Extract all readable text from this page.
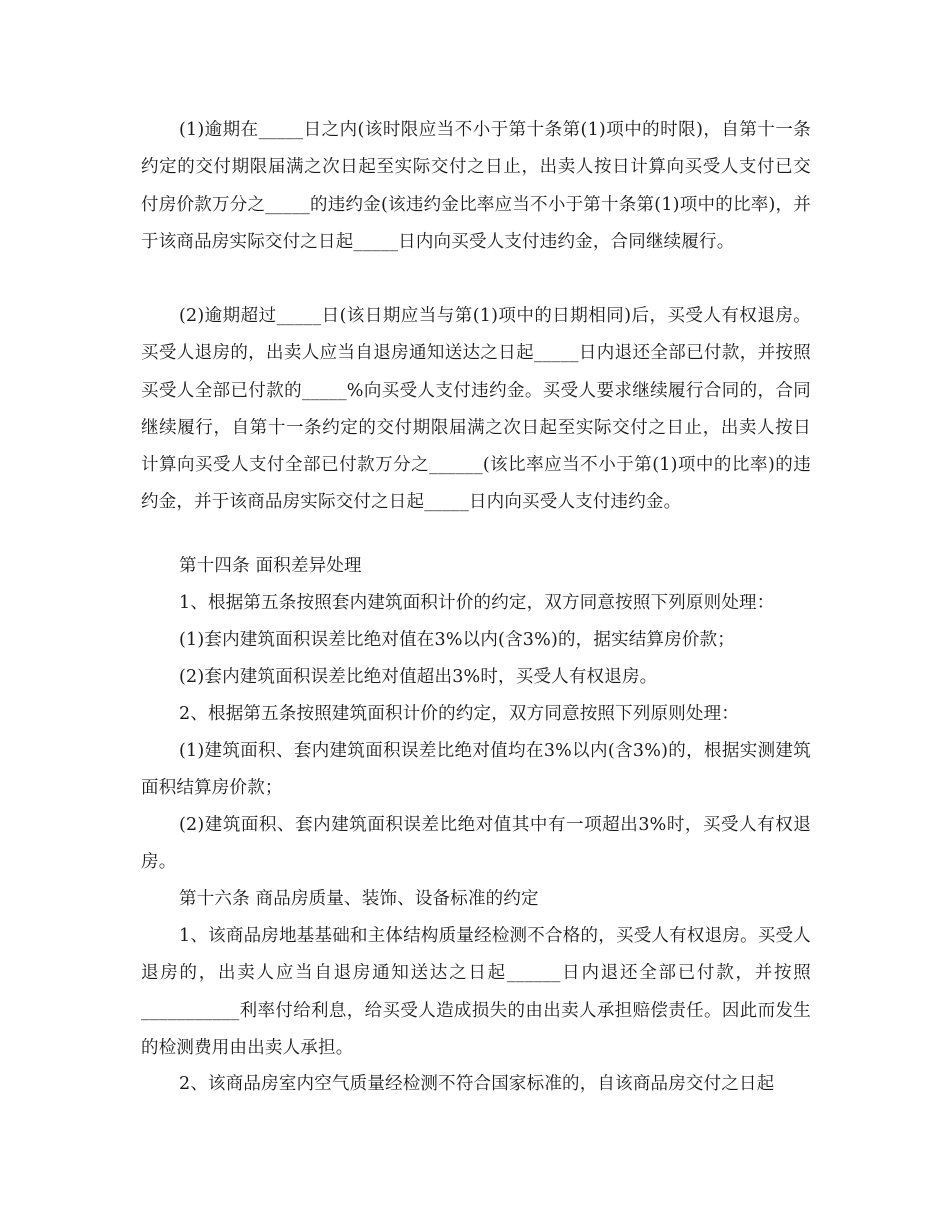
(1)逾期在_____日之内(该时限应当不小于第十条第(1)项中的时限)，自第十一条约定的交付期限届满之次日起至实际交付之日止，出卖人按日计算向买受人支付已交付房价款万分之_____的违约金(该违约金比率应当不小于第十条第(1)项中的比率)，并于该商品房实际交付之日起_____日内向买受人支付违约金，合同继续履行。

(2)逾期超过_____日(该日期应当与第(1)项中的日期相同)后，买受人有权退房。买受人退房的，出卖人应当自退房通知送达之日起_____日内退还全部已付款，并按照买受人全部已付款的_____%向买受人支付违约金。买受人要求继续履行合同的，合同继续履行，自第十一条约定的交付期限届满之次日起至实际交付之日止，出卖人按日计算向买受人支付全部已付款万分之______(该比率应当不小于第(1)项中的比率)的违约金，并于该商品房实际交付之日起_____日内向买受人支付违约金。

第十四条 面积差异处理

1、根据第五条按照套内建筑面积计价的约定，双方同意按照下列原则处理：

(1)套内建筑面积误差比绝对值在3%以内(含3%)的，据实结算房价款；

(2)套内建筑面积误差比绝对值超出3%时，买受人有权退房。

2、根据第五条按照建筑面积计价的约定，双方同意按照下列原则处理：

(1)建筑面积、套内建筑面积误差比绝对值均在3%以内(含3%)的，根据实测建筑面积结算房价款；

(2)建筑面积、套内建筑面积误差比绝对值其中有一项超出3%时，买受人有权退房。

第十六条 商品房质量、装饰、设备标准的约定

1、该商品房地基基础和主体结构质量经检测不合格的，买受人有权退房。买受人退房的，出卖人应当自退房通知送达之日起______日内退还全部已付款，并按照___________利率付给利息，给买受人造成损失的由出卖人承担赔偿责任。因此而发生的检测费用由出卖人承担。

2、该商品房室内空气质量经检测不符合国家标准的，自该商品房交付之日起
